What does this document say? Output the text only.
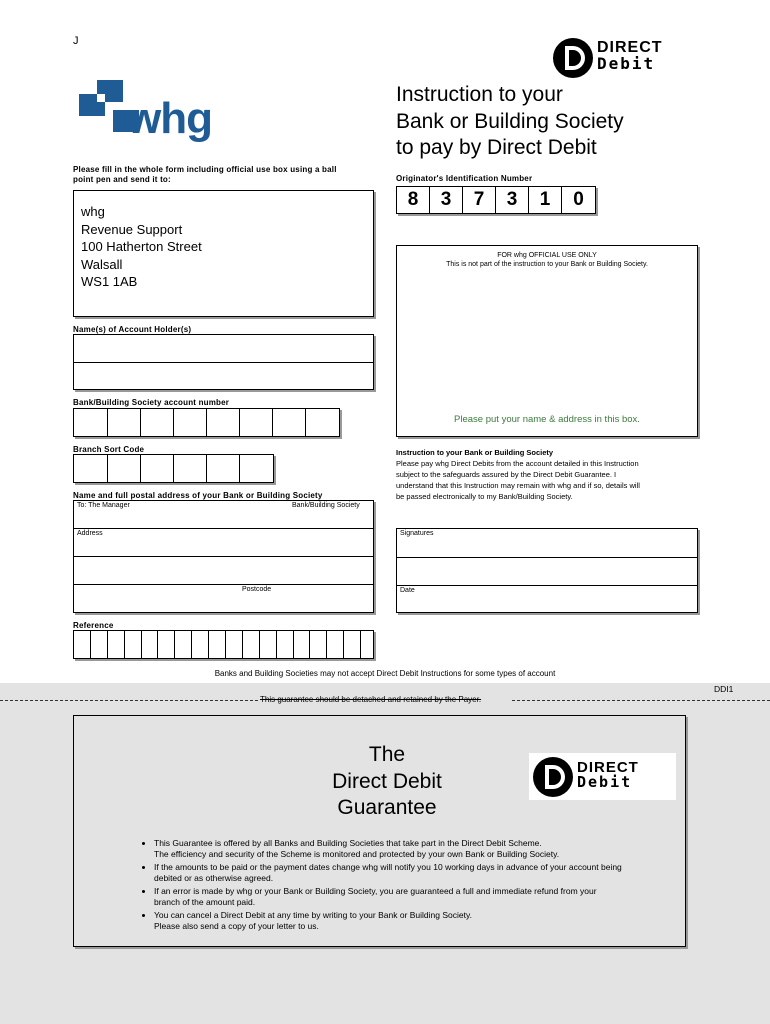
J	DIRECT
Debit
whg	Instruction to your
Bank or Building Society
to pay by Direct Debit
Please fill in the whole form including official use box using a ball
point pen and send it to:
whg
Revenue Support
100 Hatherton Street
Walsall
WS1 1AB
Originator's Identification Number
8	3	7	3	1	0
FOR whg OFFICIAL USE ONLY
This is not part of the instruction to your Bank or Building Society.
Please put your name & address in this box.
Name(s) of Account Holder(s)
Bank/Building Society account number
Branch Sort Code
Name and full postal address of your Bank or Building Society
To: The Manager	Bank/Building Society
Address
Postcode
Instruction to your Bank or Building Society
Please pay whg Direct Debits from the account detailed in this Instruction
subject to the safeguards assured by the Direct Debit Guarantee. I
understand that this Instruction may remain with whg and if so, details will
be passed electronically to my Bank/Building Society.
Signatures
Date
Reference
Banks and Building Societies may not accept Direct Debit Instructions for some types of account
DDI1
This guarantee should be detached and retained by the Payer.
The
Direct Debit
Guarantee
DIRECT
Debit
• This Guarantee is offered by all Banks and Building Societies that take part in the Direct Debit Scheme.
The efficiency and security of the Scheme is monitored and protected by your own Bank or Building Society.
• If the amounts to be paid or the payment dates change whg will notify you 10 working days in advance of your account being
debited or as otherwise agreed.
• If an error is made by whg or your Bank or Building Society, you are guaranteed a full and immediate refund from your
branch of the amount paid.
• You can cancel a Direct Debit at any time by writing to your Bank or Building Society.
Please also send a copy of your letter to us.
